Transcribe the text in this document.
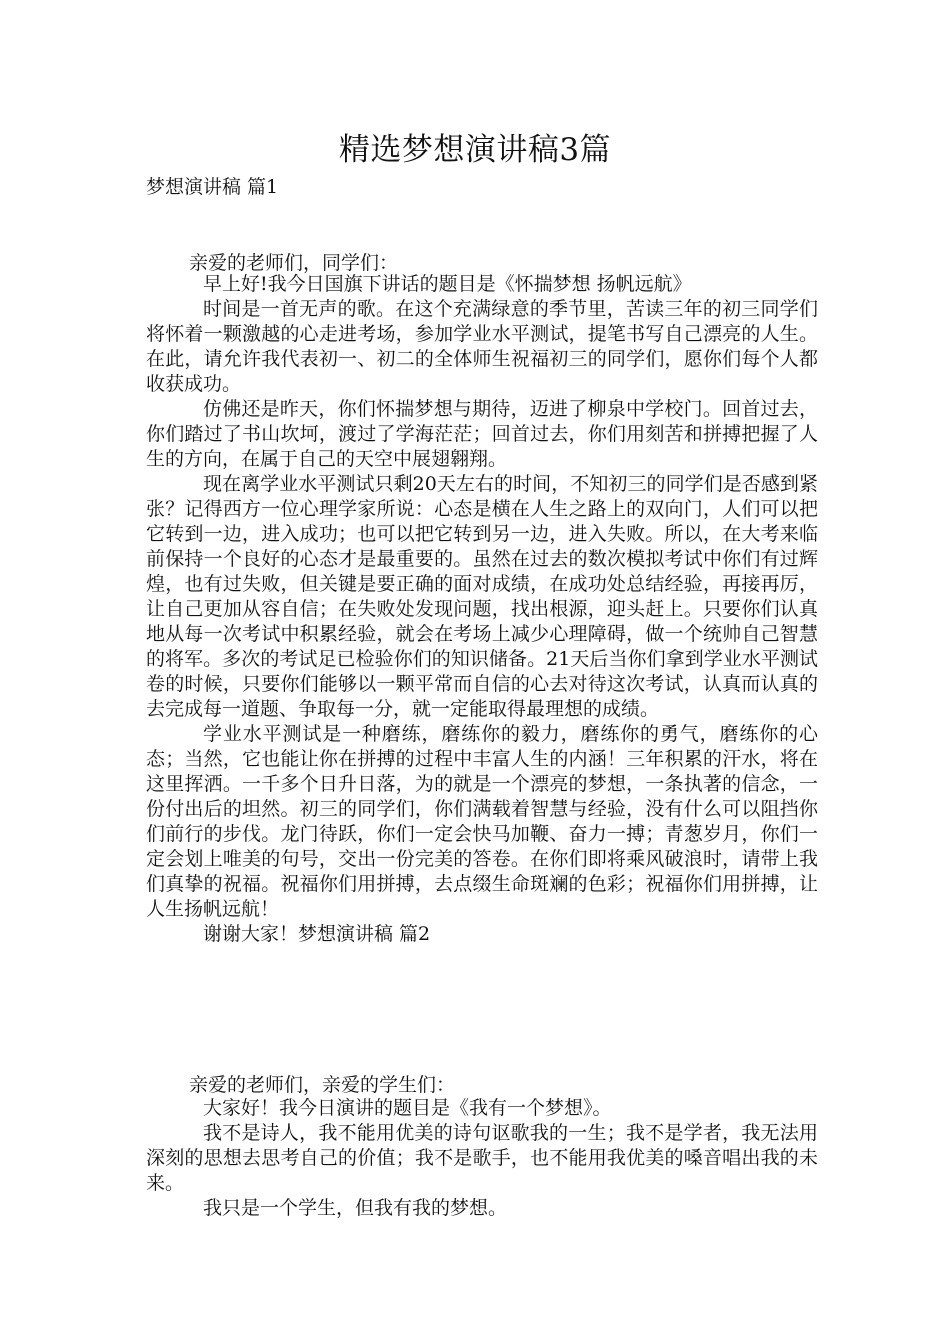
精选梦想演讲稿3篇
梦想演讲稿 篇1
亲爱的老师们，同学们：

早上好!我今日国旗下讲话的题目是《怀揣梦想 扬帆远航》

时间是一首无声的歌。在这个充满绿意的季节里，苦读三年的初三同学们将怀着一颗激越的心走进考场，参加学业水平测试，提笔书写自己漂亮的人生。在此，请允许我代表初一、初二的全体师生祝福初三的同学们，愿你们每个人都收获成功。

仿佛还是昨天，你们怀揣梦想与期待，迈进了柳泉中学校门。回首过去，你们踏过了书山坎坷，渡过了学海茫茫；回首过去，你们用刻苦和拼搏把握了人生的方向，在属于自己的天空中展翅翱翔。

现在离学业水平测试只剩20天左右的时间，不知初三的同学们是否感到紧张？记得西方一位心理学家所说：心态是横在人生之路上的双向门，人们可以把它转到一边，进入成功；也可以把它转到另一边，进入失败。所以，在大考来临前保持一个良好的心态才是最重要的。虽然在过去的数次模拟考试中你们有过辉煌，也有过失败，但关键是要正确的面对成绩，在成功处总结经验，再接再厉，让自己更加从容自信；在失败处发现问题，找出根源，迎头赶上。只要你们认真地从每一次考试中积累经验，就会在考场上减少心理障碍，做一个统帅自己智慧的将军。多次的考试足已检验你们的知识储备。21天后当你们拿到学业水平测试卷的时候，只要你们能够以一颗平常而自信的心去对待这次考试，认真而认真的去完成每一道题、争取每一分，就一定能取得最理想的成绩。

学业水平测试是一种磨练，磨练你的毅力，磨练你的勇气，磨练你的心态；当然，它也能让你在拼搏的过程中丰富人生的内涵！三年积累的汗水，将在这里挥洒。一千多个日升日落，为的就是一个漂亮的梦想，一条执著的信念，一份付出后的坦然。初三的同学们，你们满载着智慧与经验，没有什么可以阻挡你们前行的步伐。龙门待跃，你们一定会快马加鞭、奋力一搏；青葱岁月，你们一定会划上唯美的句号，交出一份完美的答卷。在你们即将乘风破浪时，请带上我们真挚的祝福。祝福你们用拼搏，去点缀生命斑斓的色彩；祝福你们用拼搏，让人生扬帆远航！

谢谢大家！梦想演讲稿 篇2

亲爱的老师们，亲爱的学生们：

大家好！我今日演讲的题目是《我有一个梦想》。

我不是诗人，我不能用优美的诗句讴歌我的一生；我不是学者，我无法用深刻的思想去思考自己的价值；我不是歌手，也不能用我优美的嗓音唱出我的未来。

我只是一个学生，但我有我的梦想。
